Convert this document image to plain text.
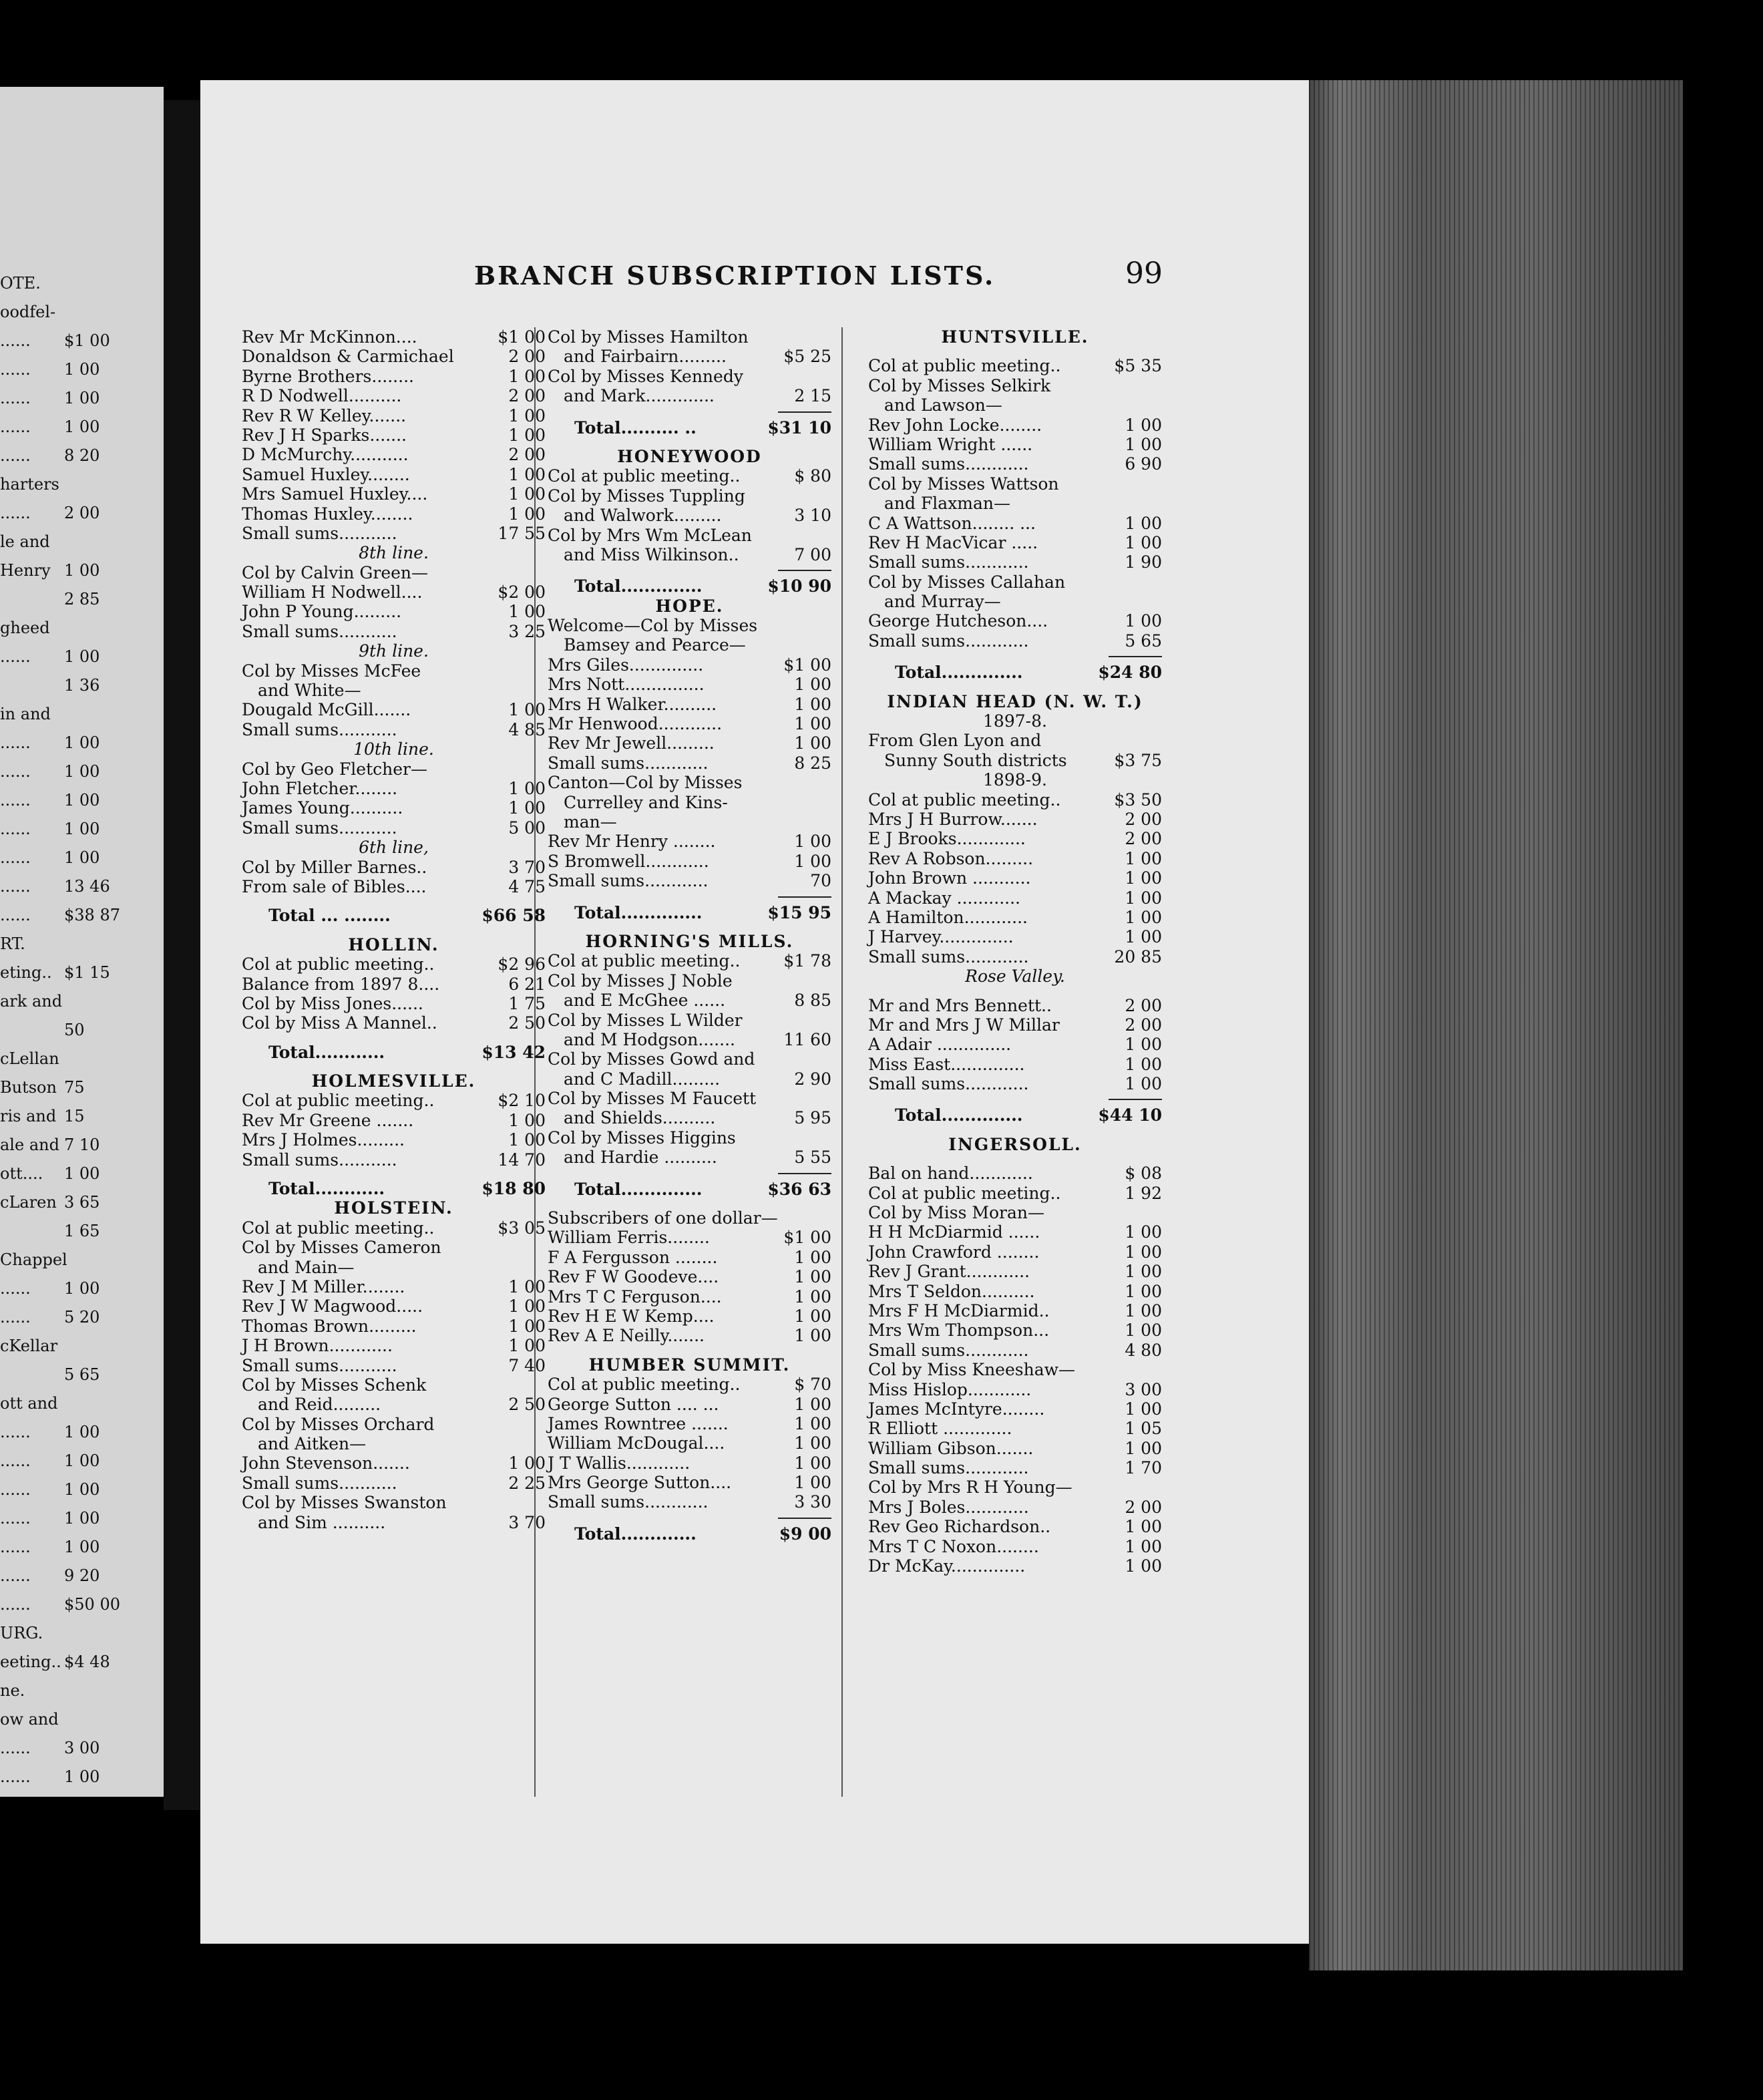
OTE.
oodfel-
...... $1 00
...... 1 00
...... 1 00
...... 1 00
...... 8 20
harters
...... 2 00
le and
Henry 1 00
2 85
gheed
...... 1 00
1 36
in and
...... 1 00
...... 1 00
...... 1 00
...... 1 00
...... 1 00
...... 13 46
...... $38 87
RT.
eting.. $1 15
ark and
50
cLellan
Butson 75
ris and 15
ale and 7 10
ott.... 1 00
cLaren 3 65
1 65
Chappel
...... 1 00
...... 5 20
cKellar
5 65
ott and
...... 1 00
...... 1 00
...... 1 00
...... 1 00
...... 1 00
...... 9 20
...... $50 00
URG.
eeting.. $4 48
ne.
ow and
...... 3 00
...... 1 00
BRANCH SUBSCRIPTION LISTS.	99
Rev Mr McKinnon....	$1 00
Donaldson & Carmichael	2 00
Byrne Brothers........	1 00
R D Nodwell..........	2 00
Rev R W Kelley.......	1 00
Rev J H Sparks.......	1 00
D McMurchy...........	2 00
Samuel Huxley........	1 00
Mrs Samuel Huxley....	1 00
Thomas Huxley........	1 00
Small sums...........	17 55
8th line.
Col by Calvin Green—
William H Nodwell....	$2 00
John P Young.........	1 00
Small sums...........	3 25
9th line.
Col by Misses McFee
and White—
Dougald McGill.......	1 00
Small sums...........	4 85
10th line.
Col by Geo Fletcher—
John Fletcher........	1 00
James Young..........	1 00
Small sums...........	5 00
6th line,
Col by Miller Barnes..	3 70
From sale of Bibles....	4 75
Total ... ........	$66 58
HOLLIN.
Col at public meeting..	$2 96
Balance from 1897 8....	6 21
Col by Miss Jones......	1 75
Col by Miss A Mannel..	2 50
Total............	$13 42
HOLMESVILLE.
Col at public meeting..	$2 10
Rev Mr Greene .......	1 00
Mrs J Holmes.........	1 00
Small sums...........	14 70
Total............	$18 80
HOLSTEIN.
Col at public meeting..	$3 05
Col by Misses Cameron
and Main—
Rev J M Miller........	1 00
Rev J W Magwood.....	1 00
Thomas Brown.........	1 00
J H Brown............	1 00
Small sums...........	7 40
Col by Misses Schenk
and Reid.........	2 50
Col by Misses Orchard
and Aitken—
John Stevenson.......	1 00
Small sums...........	2 25
Col by Misses Swanston
and Sim ..........	3 70
Col by Misses Hamilton
and Fairbairn.........	$5 25
Col by Misses Kennedy
and Mark.............	2 15
Total.......... ..	$31 10
HONEYWOOD
Col at public meeting..	$ 80
Col by Misses Tuppling
and Walwork.........	3 10
Col by Mrs Wm McLean
and Miss Wilkinson..	7 00
Total..............	$10 90
HOPE.
Welcome—Col by Misses
Bamsey and Pearce—
Mrs Giles..............	$1 00
Mrs Nott...............	1 00
Mrs H Walker..........	1 00
Mr Henwood............	1 00
Rev Mr Jewell.........	1 00
Small sums............	8 25
Canton—Col by Misses
Currelley and Kins-
man—
Rev Mr Henry ........	1 00
S Bromwell............	1 00
Small sums............	70
Total..............	$15 95
HORNING'S MILLS.
Col at public meeting..	$1 78
Col by Misses J Noble
and E McGhee ......	8 85
Col by Misses L Wilder
and M Hodgson.......	11 60
Col by Misses Gowd and
and C Madill.........	2 90
Col by Misses M Faucett
and Shields..........	5 95
Col by Misses Higgins
and Hardie ..........	5 55
Total..............	$36 63
Subscribers of one dollar—
William Ferris........	$1 00
F A Fergusson ........	1 00
Rev F W Goodeve....	1 00
Mrs T C Ferguson....	1 00
Rev H E W Kemp....	1 00
Rev A E Neilly.......	1 00
HUMBER SUMMIT.
Col at public meeting..	$ 70
George Sutton .... ...	1 00
James Rowntree .......	1 00
William McDougal....	1 00
J T Wallis............	1 00
Mrs George Sutton....	1 00
Small sums............	3 30
Total.............	$9 00
HUNTSVILLE.
Col at public meeting..	$5 35
Col by Misses Selkirk
and Lawson—
Rev John Locke........	1 00
William Wright ......	1 00
Small sums............	6 90
Col by Misses Wattson
and Flaxman—
C A Wattson........ ...	1 00
Rev H MacVicar .....	1 00
Small sums............	1 90
Col by Misses Callahan
and Murray—
George Hutcheson....	1 00
Small sums............	5 65
Total..............	$24 80
INDIAN HEAD (N. W. T.)
1897-8.
From Glen Lyon and
Sunny South districts	$3 75
1898-9.
Col at public meeting..	$3 50
Mrs J H Burrow.......	2 00
E J Brooks.............	2 00
Rev A Robson.........	1 00
John Brown ...........	1 00
A Mackay ............	1 00
A Hamilton............	1 00
J Harvey..............	1 00
Small sums............	20 85
Rose Valley.
Mr and Mrs Bennett..	2 00
Mr and Mrs J W Millar	2 00
A Adair ..............	1 00
Miss East..............	1 00
Small sums............	1 00
Total..............	$44 10
INGERSOLL.
Bal on hand............	$ 08
Col at public meeting..	1 92
Col by Miss Moran—
H H McDiarmid ......	1 00
John Crawford ........	1 00
Rev J Grant............	1 00
Mrs T Seldon..........	1 00
Mrs F H McDiarmid..	1 00
Mrs Wm Thompson...	1 00
Small sums............	4 80
Col by Miss Kneeshaw—
Miss Hislop............	3 00
James McIntyre........	1 00
R Elliott .............	1 05
William Gibson.......	1 00
Small sums............	1 70
Col by Mrs R H Young—
Mrs J Boles............	2 00
Rev Geo Richardson..	1 00
Mrs T C Noxon........	1 00
Dr McKay..............	1 00
